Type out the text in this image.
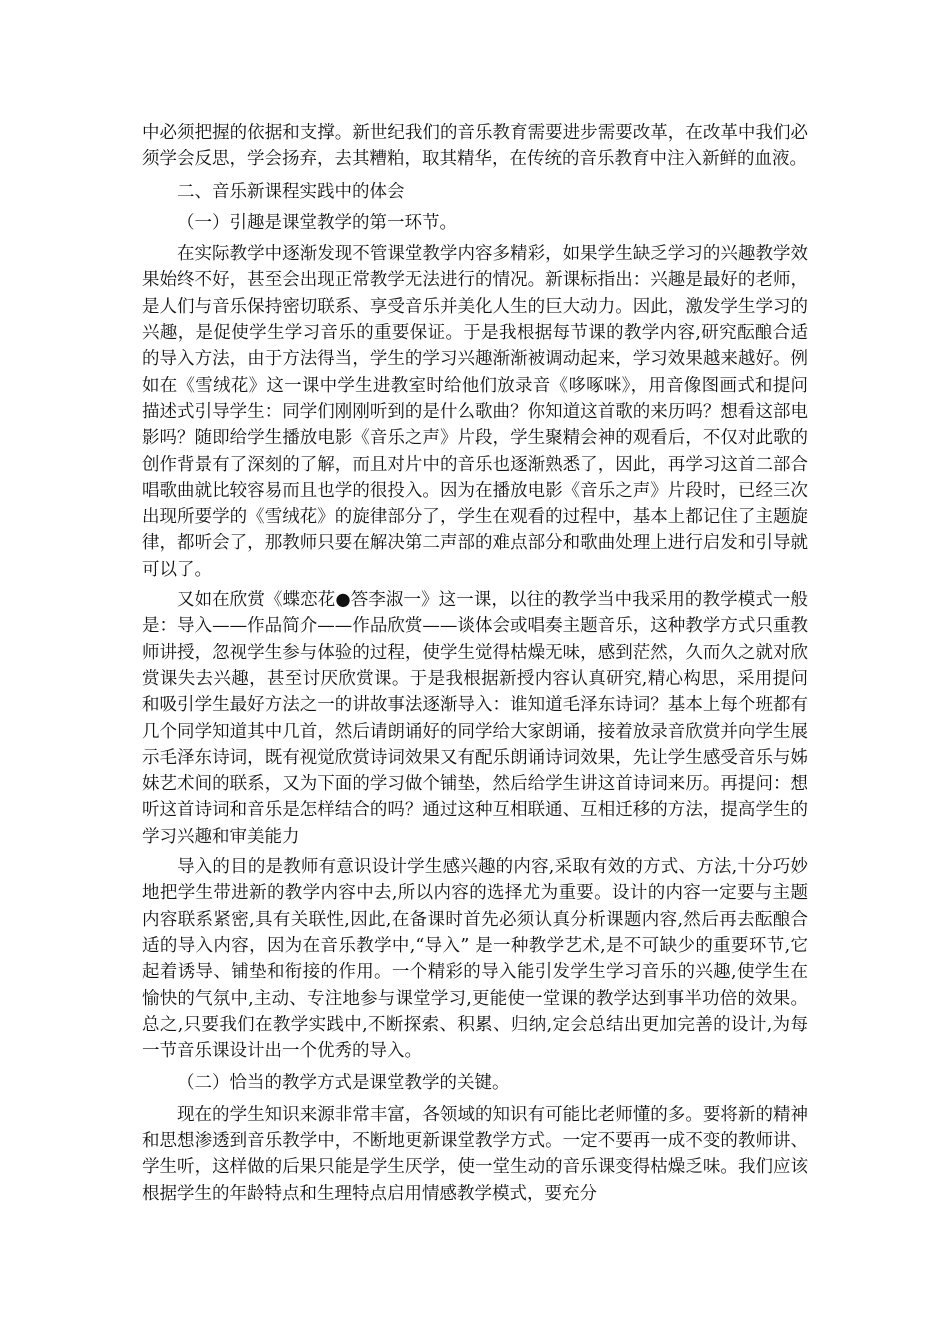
中必须把握的依据和支撑。新世纪我们的音乐教育需要进步需要改革，在改革中我们必须学会反思，学会扬弃，去其糟粕，取其精华，在传统的音乐教育中注入新鲜的血液。

二、音乐新课程实践中的体会
（一）引趣是课堂教学的第一环节。

在实际教学中逐渐发现不管课堂教学内容多精彩，如果学生缺乏学习的兴趣教学效果始终不好，甚至会出现正常教学无法进行的情况。新课标指出：兴趣是最好的老师，是人们与音乐保持密切联系、享受音乐并美化人生的巨大动力。因此，激发学生学习的兴趣，是促使学生学习音乐的重要保证。于是我根据每节课的教学内容,研究酝酿合适的导入方法，由于方法得当，学生的学习兴趣渐渐被调动起来，学习效果越来越好。例如在《雪绒花》这一课中学生进教室时给他们放录音《哆啄咪》，用音像图画式和提问描述式引导学生：同学们刚刚听到的是什么歌曲？你知道这首歌的来历吗？想看这部电影吗？随即给学生播放电影《音乐之声》片段，学生聚精会神的观看后，不仅对此歌的创作背景有了深刻的了解，而且对片中的音乐也逐渐熟悉了，因此，再学习这首二部合唱歌曲就比较容易而且也学的很投入。因为在播放电影《音乐之声》片段时，已经三次出现所要学的《雪绒花》的旋律部分了，学生在观看的过程中，基本上都记住了主题旋律，都听会了，那教师只要在解决第二声部的难点部分和歌曲处理上进行启发和引导就可以了。

又如在欣赏《蝶恋花●答李淑一》这一课，以往的教学当中我采用的教学模式一般是：导入——作品简介——作品欣赏——谈体会或唱奏主题音乐，这种教学方式只重教师讲授，忽视学生参与体验的过程，使学生觉得枯燥无味，感到茫然，久而久之就对欣赏课失去兴趣，甚至讨厌欣赏课。于是我根据新授内容认真研究,精心构思，采用提问和吸引学生最好方法之一的讲故事法逐渐导入：谁知道毛泽东诗词？基本上每个班都有几个同学知道其中几首，然后请朗诵好的同学给大家朗诵，接着放录音欣赏并向学生展示毛泽东诗词，既有视觉欣赏诗词效果又有配乐朗诵诗词效果，先让学生感受音乐与姊妹艺术间的联系，又为下面的学习做个铺垫，然后给学生讲这首诗词来历。再提问：想听这首诗词和音乐是怎样结合的吗？通过这种互相联通、互相迁移的方法，提高学生的学习兴趣和审美能力

导入的目的是教师有意识设计学生感兴趣的内容,采取有效的方式、方法,十分巧妙地把学生带进新的教学内容中去,所以内容的选择尤为重要。设计的内容一定要与主题内容联系紧密,具有关联性,因此,在备课时首先必须认真分析课题内容,然后再去酝酿合适的导入内容，因为在音乐教学中,“导入” 是一种教学艺术,是不可缺少的重要环节,它起着诱导、铺垫和衔接的作用。一个精彩的导入能引发学生学习音乐的兴趣,使学生在愉快的气氛中,主动、专注地参与课堂学习,更能使一堂课的教学达到事半功倍的效果。总之,只要我们在教学实践中,不断探索、积累、归纳,定会总结出更加完善的设计,为每一节音乐课设计出一个优秀的导入。

（二）恰当的教学方式是课堂教学的关键。

现在的学生知识来源非常丰富，各领域的知识有可能比老师懂的多。要将新的精神和思想渗透到音乐教学中，不断地更新课堂教学方式。一定不要再一成不变的教师讲、学生听，这样做的后果只能是学生厌学，使一堂生动的音乐课变得枯燥乏味。我们应该根据学生的年龄特点和生理特点启用情感教学模式，要充分
